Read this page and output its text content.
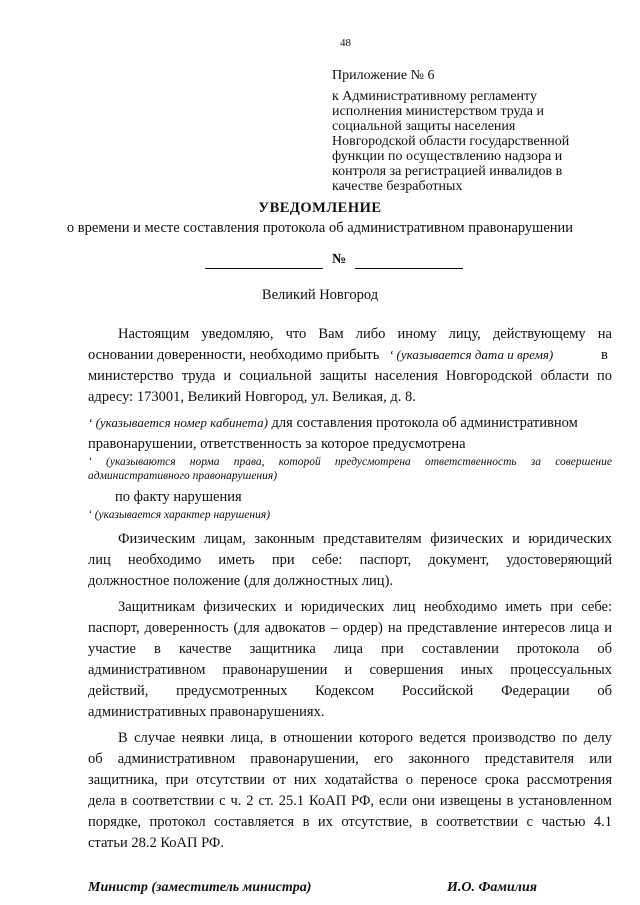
48
Приложение № 6
к Административному регламенту
исполнения министерством труда и
социальной защиты населения
Новгородской области государственной
функции по осуществлению надзора и
контроля за регистрацией инвалидов в
качестве безработных
УВЕДОМЛЕНИЕ
о времени и месте составления протокола об административном правонарушении
№
Великий Новгород
Настоящим уведомляю, что Вам либо иному лицу, действующему на
основании доверенности, необходимо прибыть ‘ (указывается дата и время)	в
министерство труда и социальной защиты населения Новгородской области по
адресу: 173001, Великий Новгород, ул. Великая, д. 8.
‘ (указывается номер кабинета) для составления протокола об административном
правонарушении, ответственность за которое предусмотрена
‘ (указываются норма права, которой предусмотрена ответственность за совершение
административного правонарушения)
по факту нарушения
‘ (указывается характер нарушения)
Физическим лицам, законным представителям физических и юридических
лиц необходимо иметь при себе: паспорт, документ, удостоверяющий
должностное положение (для должностных лиц).
Защитникам физических и юридических лиц необходимо иметь при себе:
паспорт, доверенность (для адвокатов – ордер) на представление интересов лица и
участие в качестве защитника лица при составлении протокола об
административном правонарушении и совершения иных процессуальных
действий, предусмотренных Кодексом Российской Федерации об
административных правонарушениях.
В случае неявки лица, в отношении которого ведется производство по делу
об административном правонарушении, его законного представителя или
защитника, при отсутствии от них ходатайства о переносе срока рассмотрения
дела в соответствии с ч. 2 ст. 25.1 КоАП РФ, если они извещены в установленном
порядке, протокол составляется в их отсутствие, в соответствии с частью 4.1
статьи 28.2 КоАП РФ.
Министр (заместитель министра)	И.О. Фамилия
